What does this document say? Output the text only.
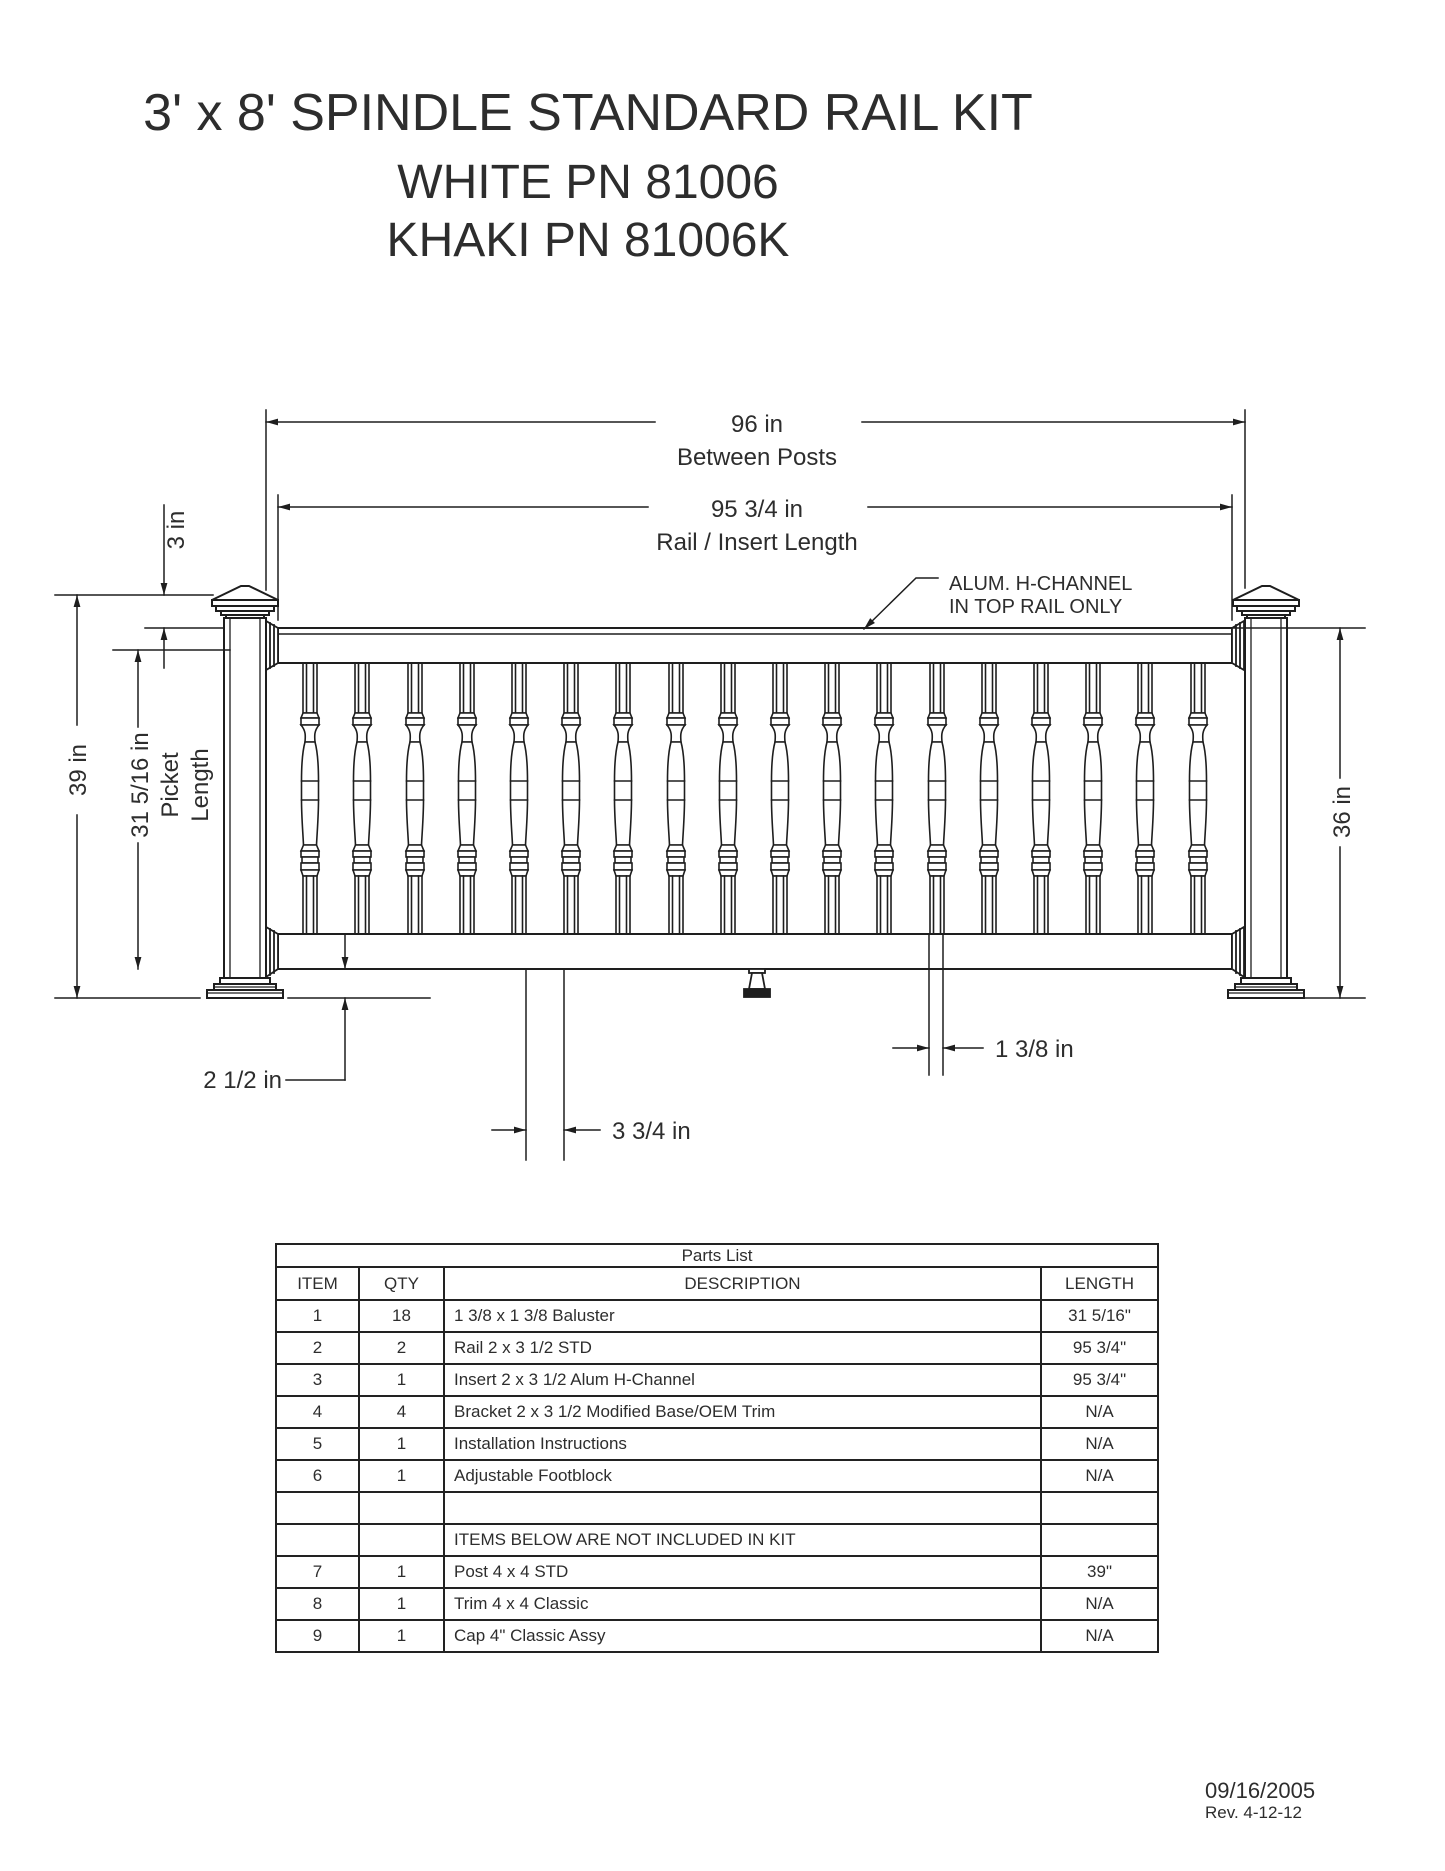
3' x 8' SPINDLE STANDARD RAIL KIT
WHITE PN 81006
KHAKI PN 81006K
96 in
Between Posts
95 3/4 in
Rail / Insert Length
3 in
39 in 31 5/16 in Picket Length	36 in
2 1/2 in
3 3/4 in
1 3/8 in
ALUM. H-CHANNEL
IN TOP RAIL ONLY
Parts List			
ITEM	QTY	DESCRIPTION	LENGTH
1	18	1 3/8 x 1 3/8 Baluster	31 5/16"
2	2	Rail 2 x 3 1/2 STD	95 3/4"
3	1	Insert 2 x 3 1/2 Alum H-Channel	95 3/4"
4	4	Bracket 2 x 3 1/2 Modified Base/OEM Trim	N/A
5	1	Installation Instructions	N/A
6	1	Adjustable Footblock	N/A

		ITEMS BELOW ARE NOT INCLUDED IN KIT	
7	1	Post 4 x 4 STD	39"
8	1	Trim 4 x 4 Classic	N/A
9	1	Cap 4" Classic Assy	N/A
09/16/2005
Rev. 4-12-12
